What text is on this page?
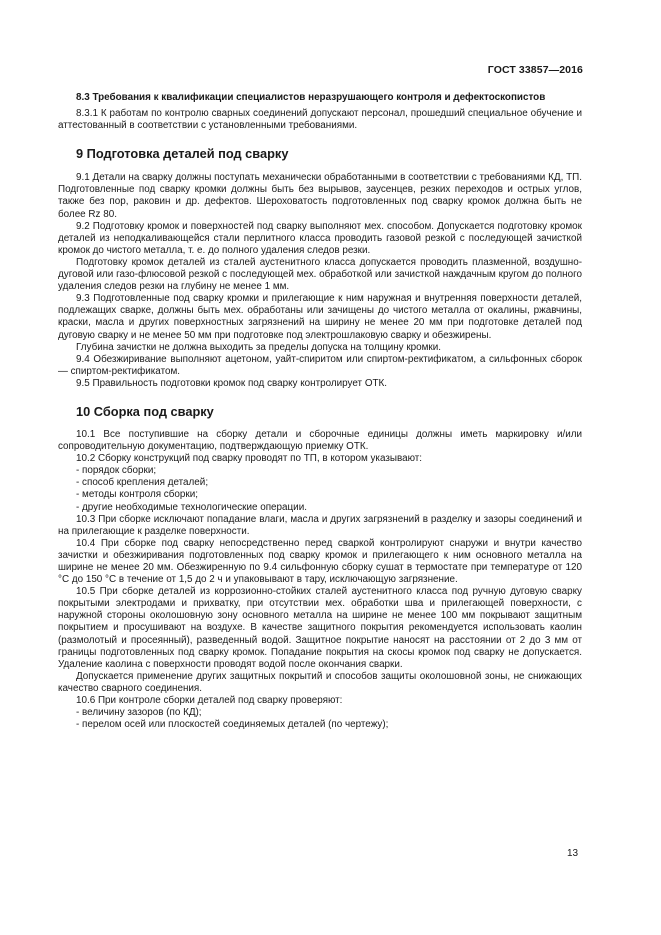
ГОСТ 33857—2016

8.3 Требования к квалификации специалистов неразрушающего контроля и дефектоскопистов

8.3.1 К работам по контролю сварных соединений допускают персонал, прошедший специальное обучение и аттестованный в соответствии с установленными требованиями.

9 Подготовка деталей под сварку

9.1 Детали на сварку должны поступать механически обработанными в соответствии с требованиями КД, ТП. Подготовленные под сварку кромки должны быть без вырывов, заусенцев, резких переходов и острых углов, также без пор, раковин и др. дефектов. Шероховатость подготовленных под сварку кромок должна быть не более Rz 80.

9.2 Подготовку кромок и поверхностей под сварку выполняют мех. способом. Допускается подготовку кромок деталей из неподкаливающейся стали перлитного класса проводить газовой резкой с последующей зачисткой кромок до чистого металла, т. е. до полного удаления следов резки.

Подготовку кромок деталей из сталей аустенитного класса допускается проводить плазменной, воздушно-дуговой или газо-флюсовой резкой с последующей мех. обработкой или зачисткой наждачным кругом до полного удаления следов резки на глубину не менее 1 мм.

9.3 Подготовленные под сварку кромки и прилегающие к ним наружная и внутренняя поверхности деталей, подлежащих сварке, должны быть мех. обработаны или зачищены до чистого металла от окалины, ржавчины, краски, масла и других поверхностных загрязнений на ширину не менее 20 мм при подготовке деталей под дуговую сварку и не менее 50 мм при подготовке под электрошлаковую сварку и обезжирены.

Глубина зачистки не должна выходить за пределы допуска на толщину кромки.

9.4 Обезжиривание выполняют ацетоном, уайт-спиритом или спиртом-ректификатом, а сильфонных сборок — спиртом-ректификатом.

9.5 Правильность подготовки кромок под сварку контролирует ОТК.

10 Сборка под сварку

10.1 Все поступившие на сборку детали и сборочные единицы должны иметь маркировку и/или сопроводительную документацию, подтверждающую приемку ОТК.

10.2 Сборку конструкций под сварку проводят по ТП, в котором указывают:

- порядок сборки;

- способ крепления деталей;

- методы контроля сборки;

- другие необходимые технологические операции.

10.3 При сборке исключают попадание влаги, масла и других загрязнений в разделку и зазоры соединений и на прилегающие к разделке поверхности.

10.4 При сборке под сварку непосредственно перед сваркой контролируют снаружи и внутри качество зачистки и обезжиривания подготовленных под сварку кромок и прилегающего к ним основного металла на ширине не менее 20 мм. Обезжиренную по 9.4 сильфонную сборку сушат в термостате при температуре от 120 °С до 150 °С в течение от 1,5 до 2 ч и упаковывают в тару, исключающую загрязнение.

10.5 При сборке деталей из коррозионно-стойких сталей аустенитного класса под ручную дуговую сварку покрытыми электродами и прихватку, при отсутствии мех. обработки шва и прилегающей поверхности, с наружной стороны околошовную зону основного металла на ширине не менее 100 мм покрывают защитным покрытием и просушивают на воздухе. В качестве защитного покрытия рекомендуется использовать каолин (размолотый и просеянный), разведенный водой. Защитное покрытие наносят на расстоянии от 2 до 3 мм от границы подготовленных под сварку кромок. Попадание покрытия на скосы кромок под сварку не допускается. Удаление каолина с поверхности проводят водой после окончания сварки.

Допускается применение других защитных покрытий и способов защиты околошовной зоны, не снижающих качество сварного соединения.

10.6 При контроле сборки деталей под сварку проверяют:

- величину зазоров (по КД);

- перелом осей или плоскостей соединяемых деталей (по чертежу);

13
